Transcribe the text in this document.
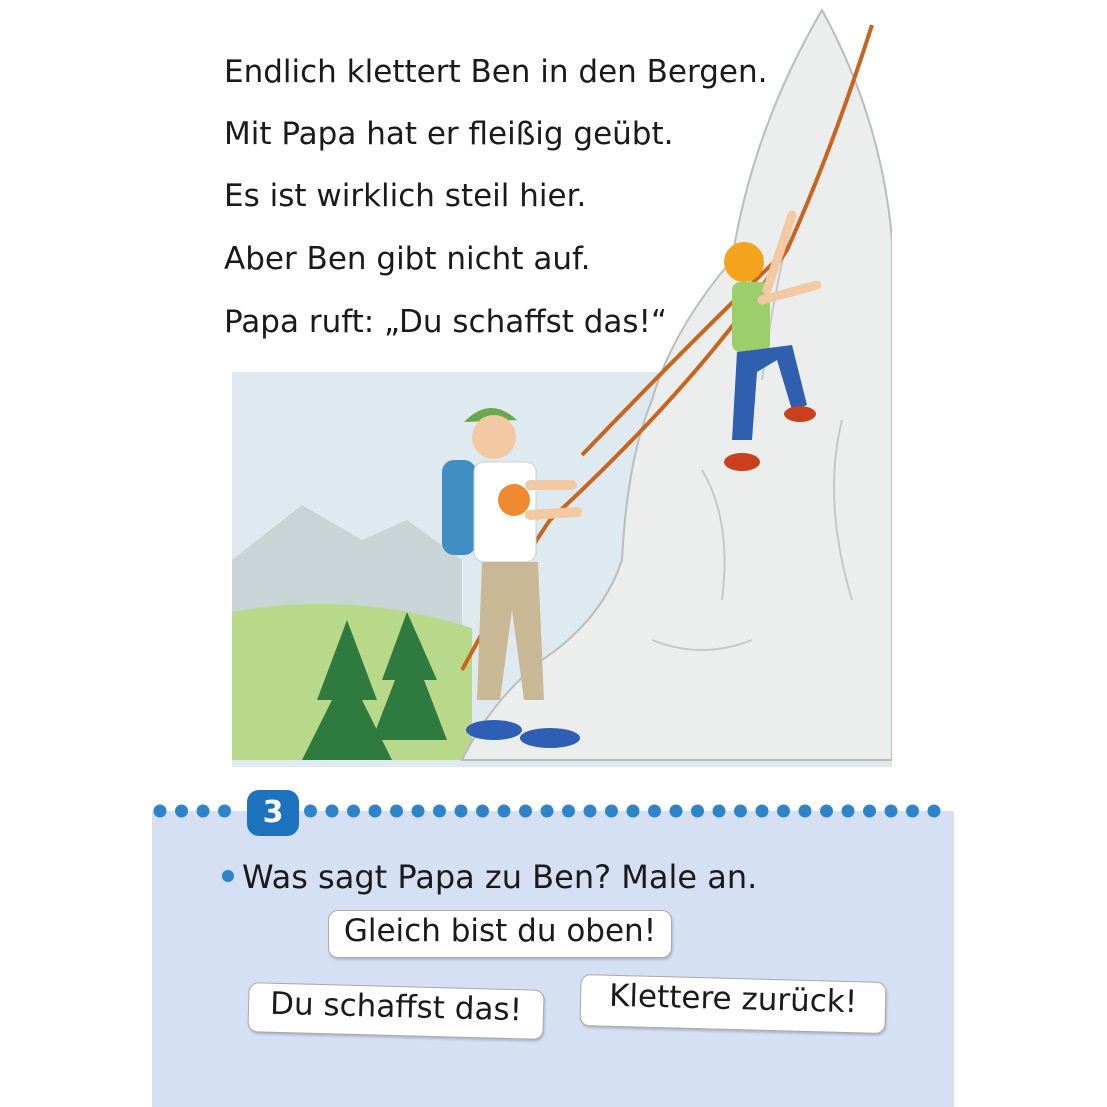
Endlich klettert Ben in den Bergen.
Mit Papa hat er fleißig geübt.
Es ist wirklich steil hier.
Aber Ben gibt nicht auf.
Papa ruft: „Du schaffst das!“
3
Was sagt Papa zu Ben? Male an.
Gleich bist du oben!
Du schaffst das!	Klettere zurück!
